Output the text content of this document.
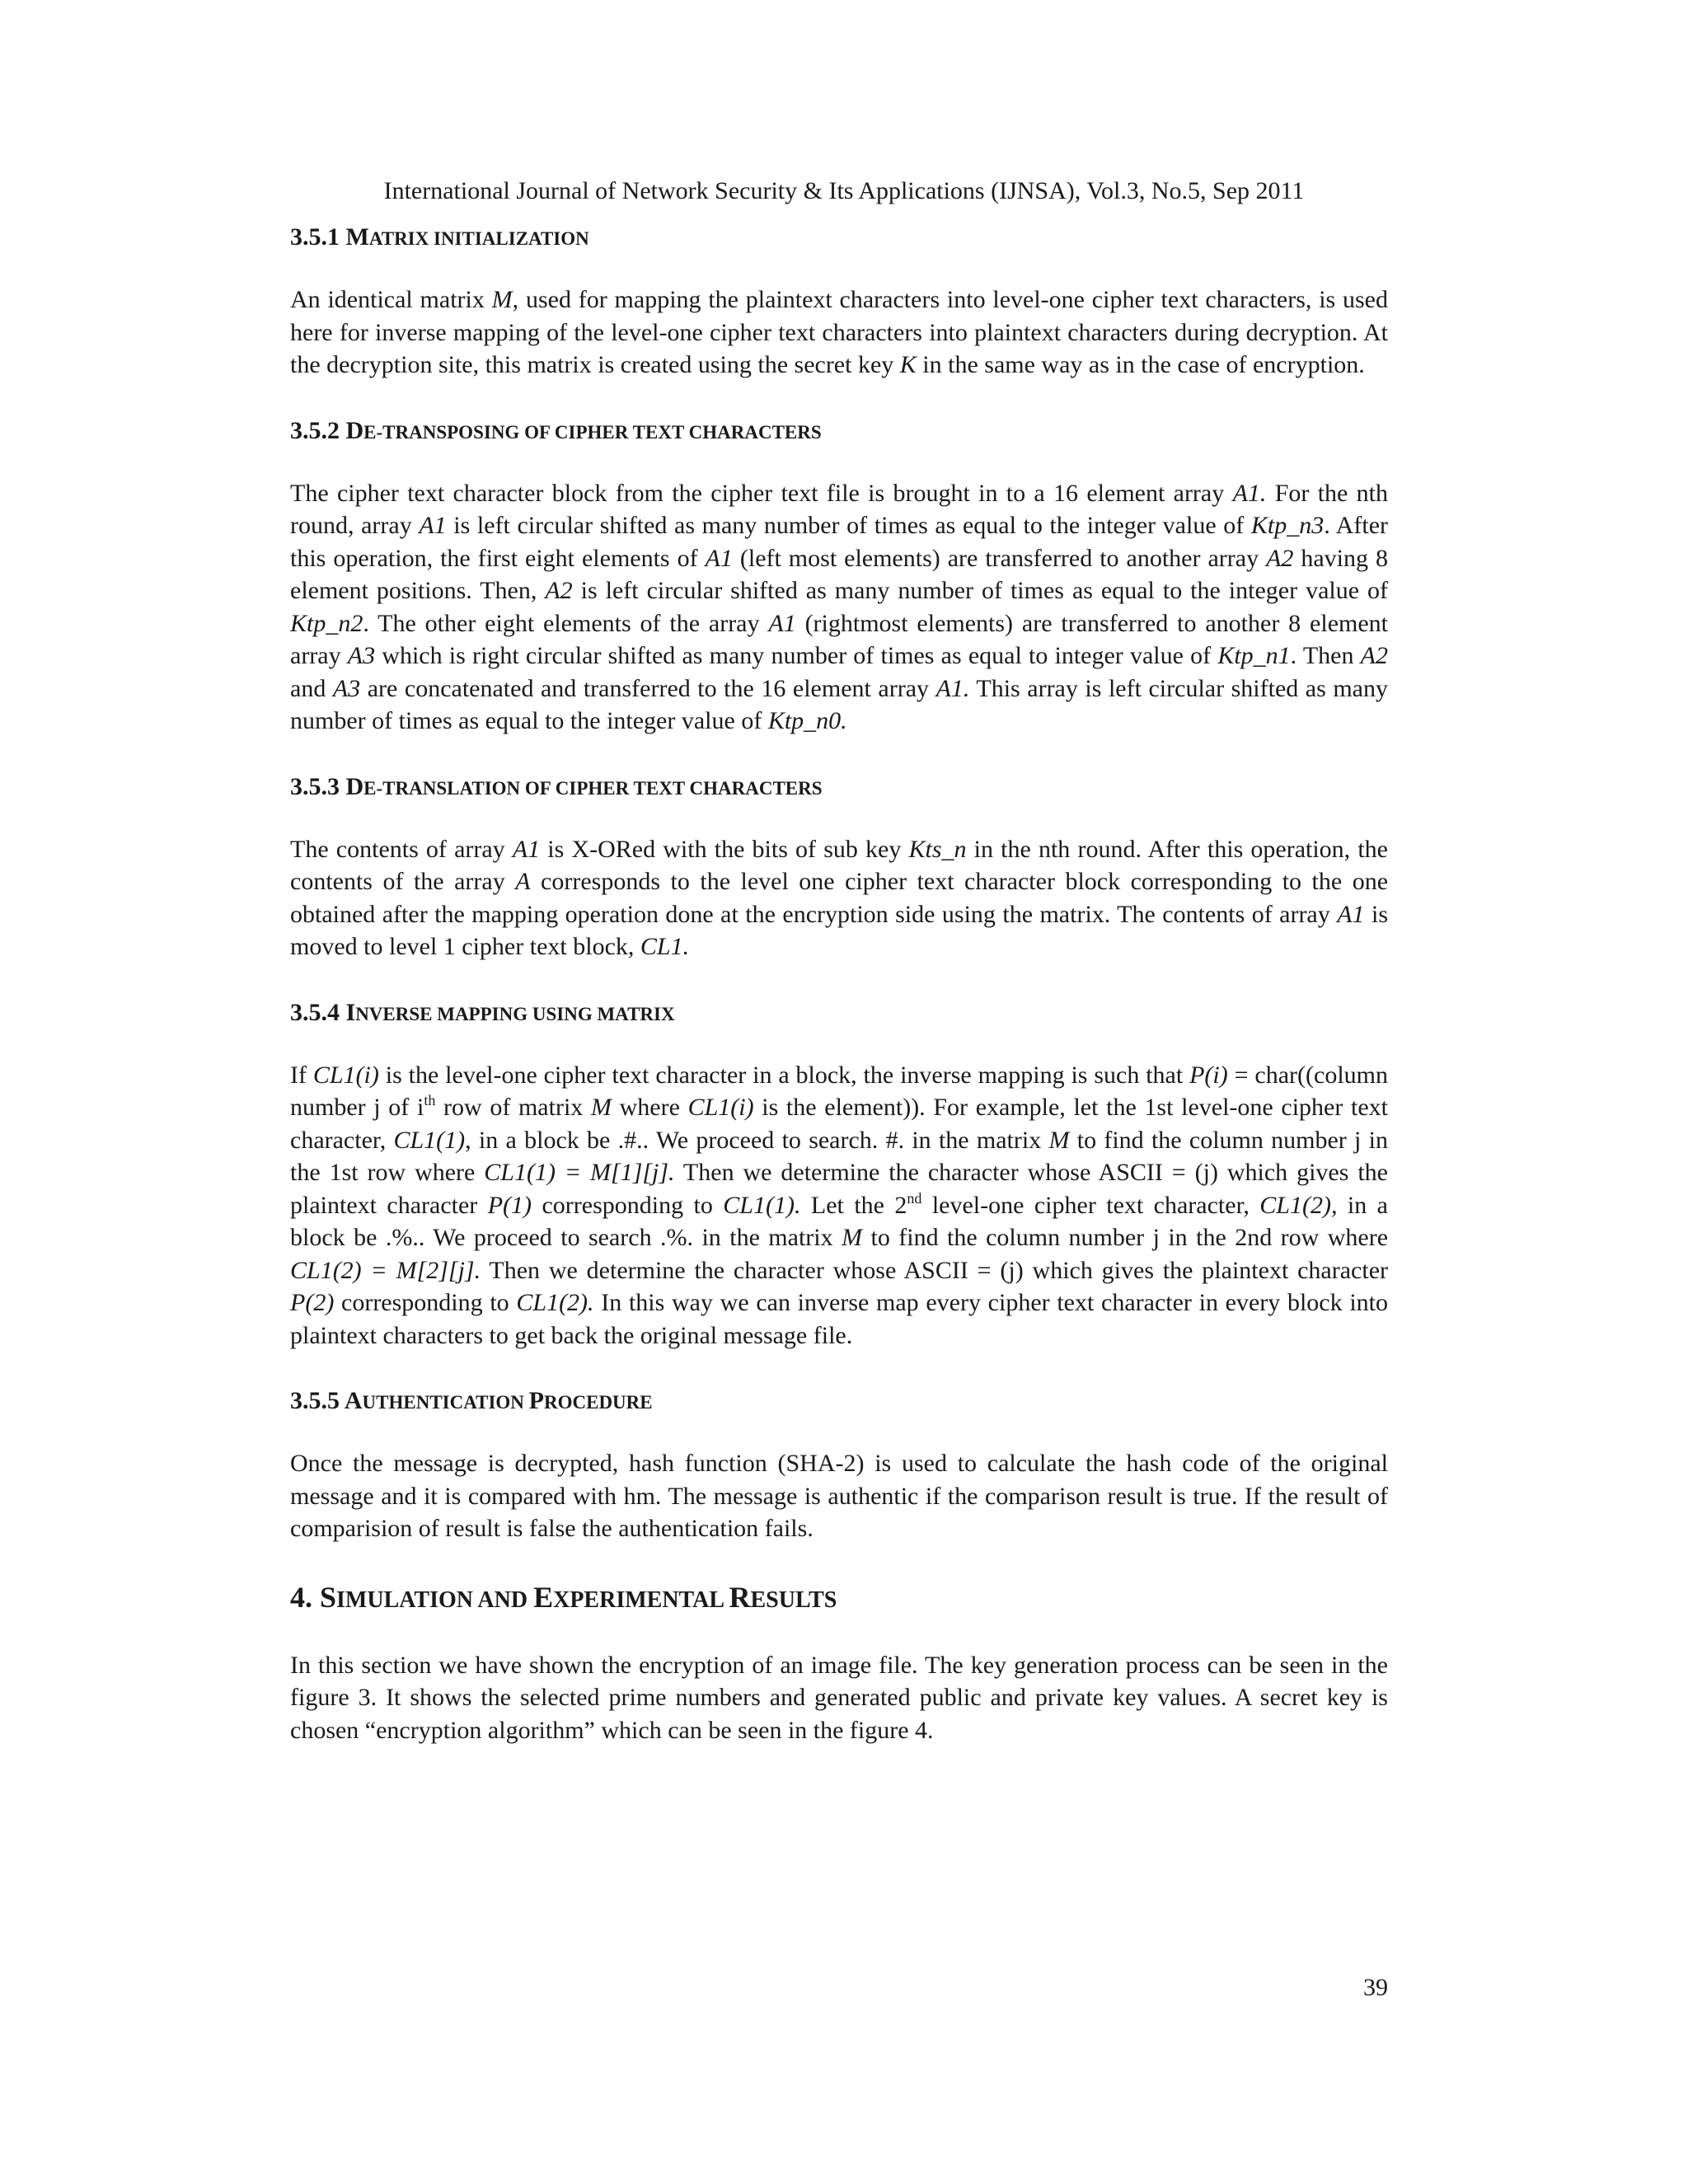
International Journal of Network Security & Its Applications (IJNSA), Vol.3, No.5, Sep 2011
3.5.1 MATRIX INITIALIZATION

An identical matrix M, used for mapping the plaintext characters into level-one cipher text characters, is used here for inverse mapping of the level-one cipher text characters into plaintext characters during decryption. At the decryption site, this matrix is created using the secret key K in the same way as in the case of encryption.

3.5.2 DE-TRANSPOSING OF CIPHER TEXT CHARACTERS

The cipher text character block from the cipher text file is brought in to a 16 element array A1. For the nth round, array A1 is left circular shifted as many number of times as equal to the integer value of Ktp_n3. After this operation, the first eight elements of A1 (left most elements) are transferred to another array A2 having 8 element positions. Then, A2 is left circular shifted as many number of times as equal to the integer value of Ktp_n2. The other eight elements of the array A1 (rightmost elements) are transferred to another 8 element array A3 which is right circular shifted as many number of times as equal to integer value of Ktp_n1. Then A2 and A3 are concatenated and transferred to the 16 element array A1. This array is left circular shifted as many number of times as equal to the integer value of Ktp_n0.

3.5.3 DE-TRANSLATION OF CIPHER TEXT CHARACTERS

The contents of array A1 is X-ORed with the bits of sub key Kts_n in the nth round. After this operation, the contents of the array A corresponds to the level one cipher text character block corresponding to the one obtained after the mapping operation done at the encryption side using the matrix. The contents of array A1 is moved to level 1 cipher text block, CL1.

3.5.4 INVERSE MAPPING USING MATRIX

If CL1(i) is the level-one cipher text character in a block, the inverse mapping is such that P(i) = char((column number j of $i^{th}$ row of matrix M where CL1(i) is the element)). For example, let the 1st level-one cipher text character, CL1(1), in a block be .#.. We proceed to search. #. in the matrix M to find the column number j in the 1st row where CL1(1) = M[1][j]. Then we determine the character whose ASCII = (j) which gives the plaintext character P(1) corresponding to CL1(1). Let the 2nd level-one cipher text character, CL1(2), in a block be .%.. We proceed to search .%. in the matrix M to find the column number j in the 2nd row where CL1(2) = M[2][j]. Then we determine the character whose ASCII = (j) which gives the plaintext character P(2) corresponding to CL1(2). In this way we can inverse map every cipher text character in every block into plaintext characters to get back the original message file.

3.5.5 AUTHENTICATION PROCEDURE

Once the message is decrypted, hash function (SHA-2) is used to calculate the hash code of the original message and it is compared with hm. The message is authentic if the comparison result is true. If the result of comparision of result is false the authentication fails.

4. SIMULATION AND EXPERIMENTAL RESULTS

In this section we have shown the encryption of an image file. The key generation process can be seen in the figure 3. It shows the selected prime numbers and generated public and private key values. A secret key is chosen “encryption algorithm” which can be seen in the figure 4.

39
